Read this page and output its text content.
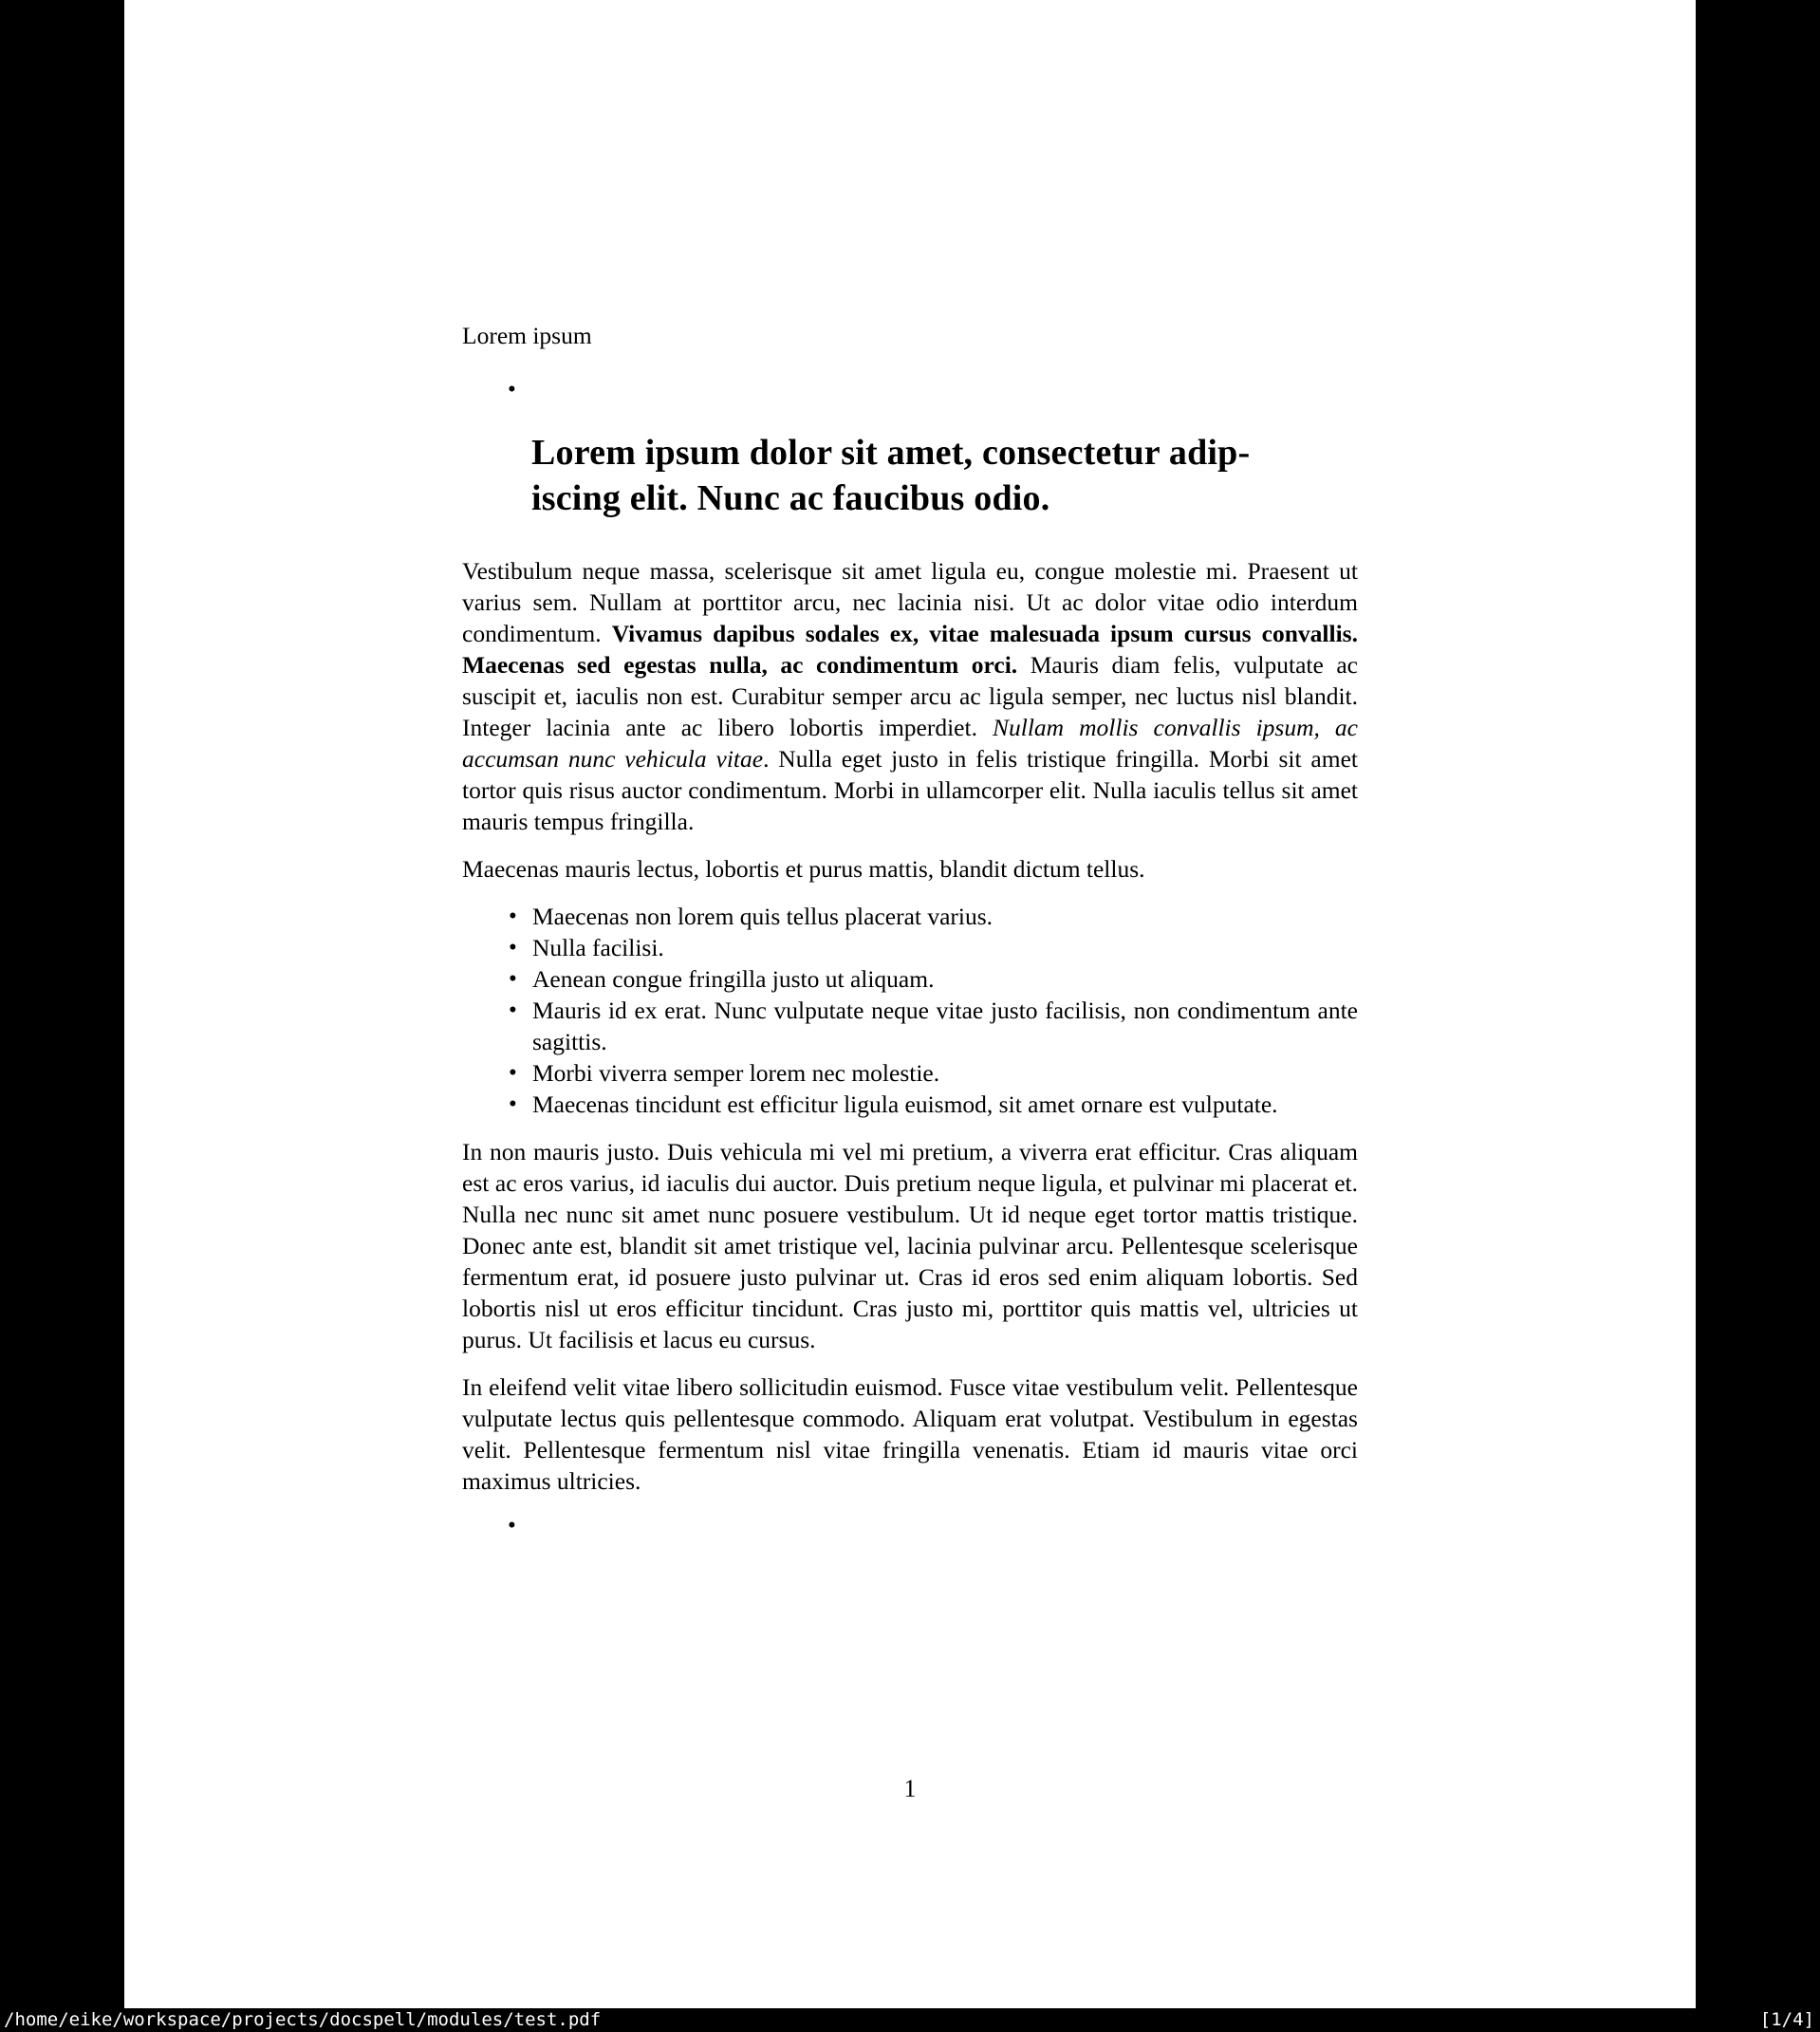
Lorem ipsum

•
Lorem ipsum dolor sit amet, consectetur adip-
iscing elit. Nunc ac faucibus odio.

Vestibulum neque massa, scelerisque sit amet ligula eu, congue molestie mi. Praesent ut varius sem. Nullam at porttitor arcu, nec lacinia nisi. Ut ac dolor vitae odio interdum condimentum. Vivamus dapibus sodales ex, vitae malesuada ipsum cursus convallis. Maecenas sed egestas nulla, ac condimentum orci. Mauris diam felis, vulputate ac suscipit et, iaculis non est. Curabitur semper arcu ac ligula semper, nec luctus nisl blandit. Integer lacinia ante ac libero lobortis imperdiet. Nullam mollis convallis ipsum, ac accumsan nunc vehicula vitae. Nulla eget justo in felis tristique fringilla. Morbi sit amet tortor quis risus auctor condimentum. Morbi in ullamcorper elit. Nulla iaculis tellus sit amet mauris tempus fringilla.

Maecenas mauris lectus, lobortis et purus mattis, blandit dictum tellus.

• Maecenas non lorem quis tellus placerat varius.
• Nulla facilisi.
• Aenean congue fringilla justo ut aliquam.
• Mauris id ex erat. Nunc vulputate neque vitae justo facilisis, non condimentum ante sagittis.
• Morbi viverra semper lorem nec molestie.
• Maecenas tincidunt est efficitur ligula euismod, sit amet ornare est vulputate.

In non mauris justo. Duis vehicula mi vel mi pretium, a viverra erat efficitur. Cras aliquam est ac eros varius, id iaculis dui auctor. Duis pretium neque ligula, et pulvinar mi placerat et. Nulla nec nunc sit amet nunc posuere vestibulum. Ut id neque eget tortor mattis tristique. Donec ante est, blandit sit amet tristique vel, lacinia pulvinar arcu. Pellentesque scelerisque fermentum erat, id posuere justo pulvinar ut. Cras id eros sed enim aliquam lobortis. Sed lobortis nisl ut eros efficitur tincidunt. Cras justo mi, porttitor quis mattis vel, ultricies ut purus. Ut facilisis et lacus eu cursus.

In eleifend velit vitae libero sollicitudin euismod. Fusce vitae vestibulum velit. Pellentesque vulputate lectus quis pellentesque commodo. Aliquam erat volutpat. Vestibulum in egestas velit. Pellentesque fermentum nisl vitae fringilla venenatis. Etiam id mauris vitae orci maximus ultricies.

•
1
/home/eike/workspace/projects/docspell/modules/test.pdf	[1/4]
